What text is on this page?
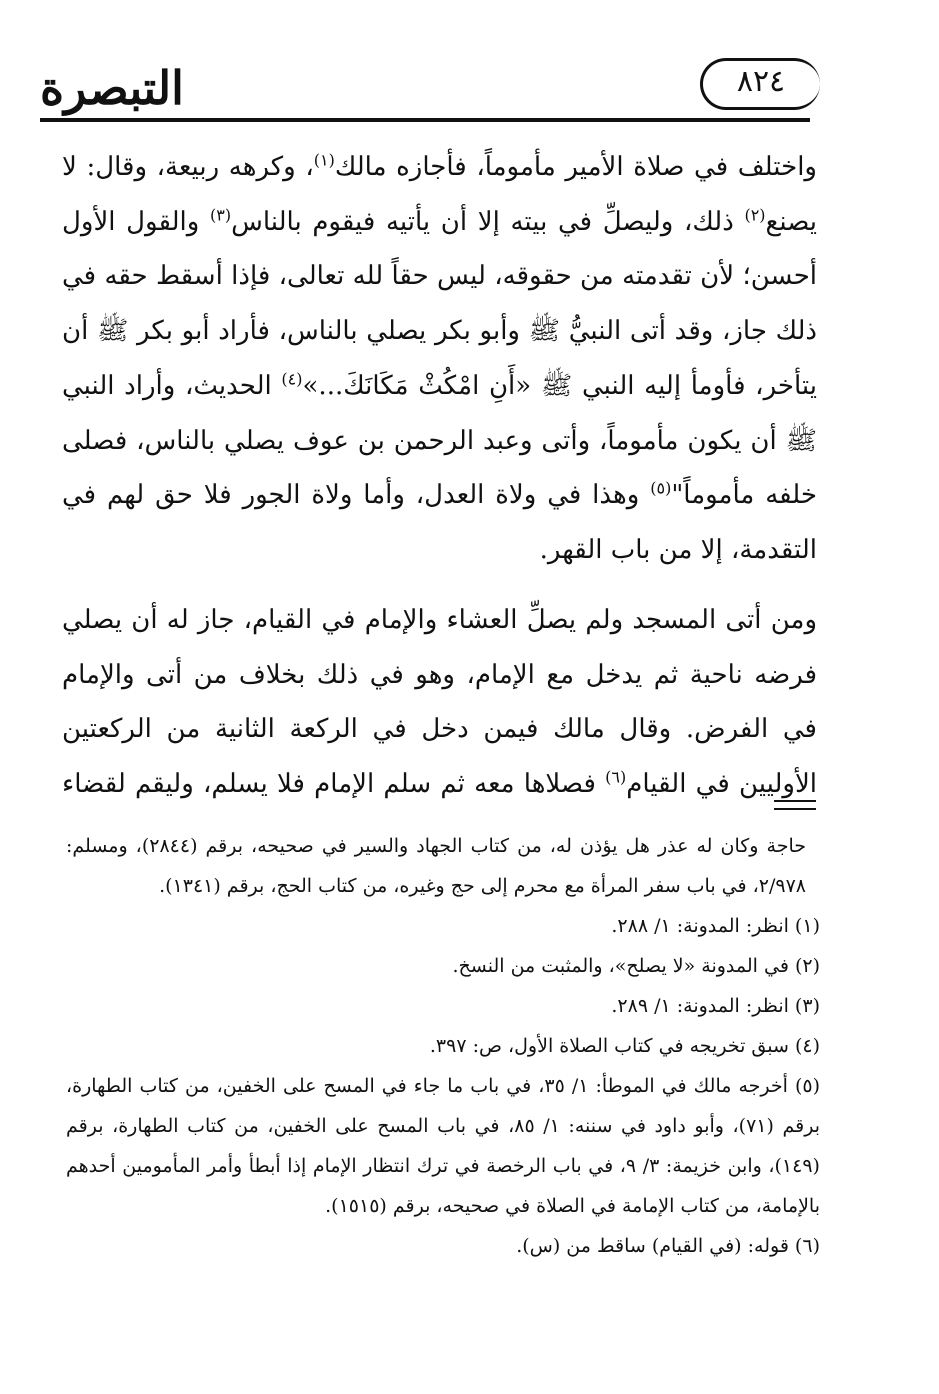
التبصرة	٨٢٤

واختلف في صلاة الأمير مأموماً، فأجازه مالك$^{(١)}$، وكرهه ربيعة، وقال: لا يصنع$^{(٢)}$ ذلك، وليصلِّ في بيته إلا أن يأتيه فيقوم بالناس$^{(٣)}$ والقول الأول أحسن؛ لأن تقدمته من حقوقه، ليس حقاً لله تعالى، فإذا أسقط حقه في ذلك جاز، وقد أتى النبيُّ ﷺ وأبو بكر يصلي بالناس، فأراد أبو بكر ﷺ أن يتأخر، فأومأ إليه النبي ﷺ «أَنِ امْكُثْ مَكَانَكَ...»$^{(٤)}$ الحديث، وأراد النبي ﷺ أن يكون مأموماً، وأتى وعبد الرحمن بن عوف يصلي بالناس، فصلى خلفه مأموماً"$^{(٥)}$ وهذا في ولاة العدل، وأما ولاة الجور فلا حق لهم في التقدمة، إلا من باب القهر.

ومن أتى المسجد ولم يصلِّ العشاء والإمام في القيام، جاز له أن يصلي فرضه ناحية ثم يدخل مع الإمام، وهو في ذلك بخلاف من أتى والإمام في الفرض. وقال مالك فيمن دخل في الركعة الثانية من الركعتين الأوليين في القيام$^{(٦)}$ فصلاها معه ثم سلم الإمام فلا يسلم، وليقم لقضاء

حاجة وكان له عذر هل يؤذن له، من كتاب الجهاد والسير في صحيحه، برقم (٢٨٤٤)، ومسلم: ٢/٩٧٨، في باب سفر المرأة مع محرم إلى حج وغيره، من كتاب الحج، برقم (١٣٤١).

(١) انظر: المدونة: ١/ ٢٨٨.

(٢) في المدونة «لا يصلح»، والمثبت من النسخ.

(٣) انظر: المدونة: ١/ ٢٨٩.

(٤) سبق تخريجه في كتاب الصلاة الأول، ص: ٣٩٧.

(٥) أخرجه مالك في الموطأ: ١/ ٣٥، في باب ما جاء في المسح على الخفين، من كتاب الطهارة، برقم (٧١)، وأبو داود في سننه: ١/ ٨٥، في باب المسح على الخفين، من كتاب الطهارة، برقم (١٤٩)، وابن خزيمة: ٣/ ٩، في باب الرخصة في ترك انتظار الإمام إذا أبطأ وأمر المأمومين أحدهم بالإمامة، من كتاب الإمامة في الصلاة في صحيحه، برقم (١٥١٥).

(٦) قوله: (في القيام) ساقط من (س).
